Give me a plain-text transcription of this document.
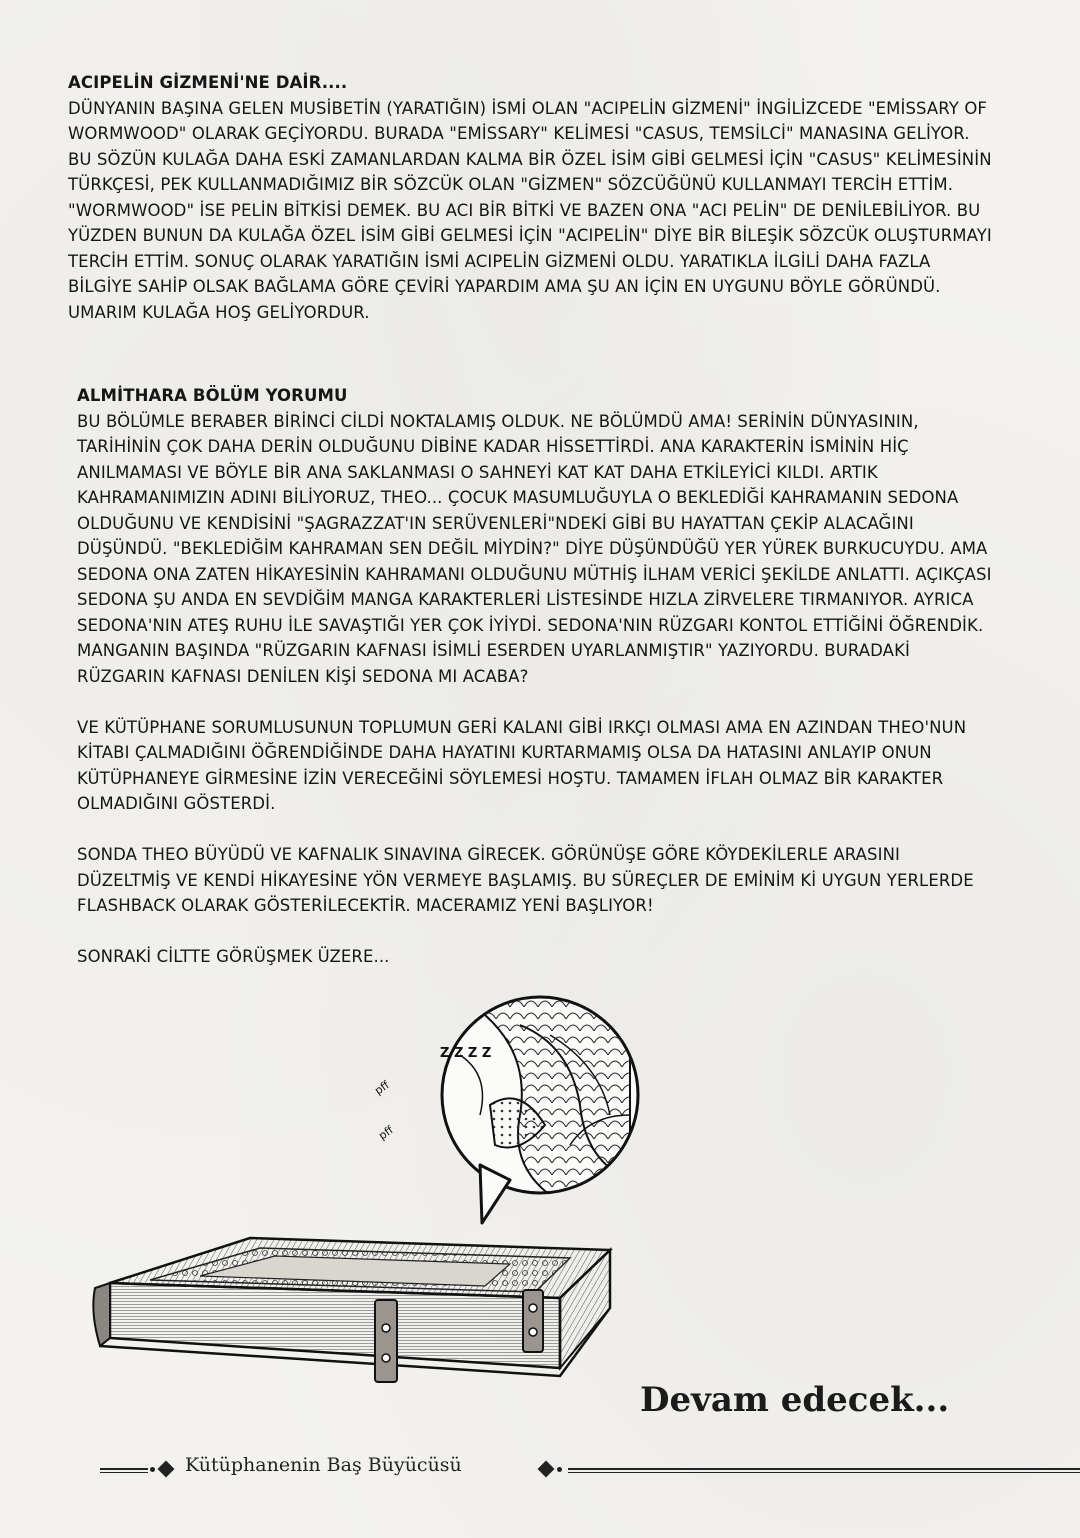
ACIPELİN GİZMENİ'NE DAİR....

DÜNYANIN BAŞINA GELEN MUSİBETİN (YARATIĞIN) İSMİ OLAN "ACIPELİN GİZMENİ" İNGİLİZCEDE "EMİSSARY OF WORMWOOD" OLARAK GEÇİYORDU. BURADA "EMİSSARY" KELİMESİ "CASUS, TEMSİLCİ" MANASINA GELİYOR. BU SÖZÜN KULAĞA DAHA ESKİ ZAMANLARDAN KALMA BİR ÖZEL İSİM GİBİ GELMESİ İÇİN "CASUS" KELİMESİNİN TÜRKÇESİ, PEK KULLANMADIĞIMIZ BİR SÖZCÜK OLAN "GİZMEN" SÖZCÜĞÜNÜ KULLANMAYI TERCİH ETTİM. "WORMWOOD" İSE PELİN BİTKİSİ DEMEK. BU ACI BİR BİTKİ VE BAZEN ONA "ACI PELİN" DE DENİLEBİLİYOR. BU YÜZDEN BUNUN DA KULAĞA ÖZEL İSİM GİBİ GELMESİ İÇİN "ACIPELİN" DİYE BİR BİLEŞİK SÖZCÜK OLUŞTURMAYI TERCİH ETTİM. SONUÇ OLARAK YARATIĞIN İSMİ ACIPELİN GİZMENİ OLDU. YARATIKLA İLGİLİ DAHA FAZLA BİLGİYE SAHİP OLSAK BAĞLAMA GÖRE ÇEVİRİ YAPARDIM AMA ŞU AN İÇİN EN UYGUNU BÖYLE GÖRÜNDÜ. UMARIM KULAĞA HOŞ GELİYORDUR.

ALMİTHARA BÖLÜM YORUMU

BU BÖLÜMLE BERABER BİRİNCİ CİLDİ NOKTALAMIŞ OLDUK. NE BÖLÜMDÜ AMA! SERİNİN DÜNYASININ, TARİHİNİN ÇOK DAHA DERİN OLDUĞUNU DİBİNE KADAR HİSSETTİRDİ. ANA KARAKTERİN İSMİNİN HİÇ ANILMAMASI VE BÖYLE BİR ANA SAKLANMASI O SAHNEYİ KAT KAT DAHA ETKİLEYİCİ KILDI. ARTIK KAHRAMANIMIZIN ADINI BİLİYORUZ, THEO... ÇOCUK MASUMLUĞUYLA O BEKLEDİĞİ KAHRAMANIN SEDONA OLDUĞUNU VE KENDİSİNİ "ŞAGRAZZAT'IN SERÜVENLERİ"NDEKİ GİBİ BU HAYATTAN ÇEKİP ALACAĞINI DÜŞÜNDÜ. "BEKLEDİĞİM KAHRAMAN SEN DEĞİL MİYDİN?" DİYE DÜŞÜNDÜĞÜ YER YÜREK BURKUCUYDU. AMA SEDONA ONA ZATEN HİKAYESİNİN KAHRAMANI OLDUĞUNU MÜTHİŞ İLHAM VERİCİ ŞEKİLDE ANLATTI. AÇIKÇASI SEDONA ŞU ANDA EN SEVDİĞİM MANGA KARAKTERLERİ LİSTESİNDE HIZLA ZİRVELERE TIRMANIYOR. AYRICA SEDONA'NIN ATEŞ RUHU İLE SAVAŞTIĞI YER ÇOK İYİYDİ. SEDONA'NIN RÜZGARI KONTOL ETTİĞİNİ ÖĞRENDİK. MANGANIN BAŞINDA "RÜZGARIN KAFNASI İSİMLİ ESERDEN UYARLANMIŞTIR" YAZIYORDU. BURADAKİ RÜZGARIN KAFNASI DENİLEN KİŞİ SEDONA MI ACABA?

VE KÜTÜPHANE SORUMLUSUNUN TOPLUMUN GERİ KALANI GİBİ IRKÇI OLMASI AMA EN AZINDAN THEO'NUN KİTABI ÇALMADIĞINI ÖĞRENDİĞİNDE DAHA HAYATINI KURTARMAMIŞ OLSA DA HATASINI ANLAYIP ONUN KÜTÜPHANEYE GİRMESİNE İZİN VERECEĞİNİ SÖYLEMESİ HOŞTU. TAMAMEN İFLAH OLMAZ BİR KARAKTER OLMADIĞINI GÖSTERDİ.

SONDA THEO BÜYÜDÜ VE KAFNALIK SINAVINA GİRECEK. GÖRÜNÜŞE GÖRE KÖYDEKİLERLE ARASINI DÜZELTMİŞ VE KENDİ HİKAYESİNE YÖN VERMEYE BAŞLAMIŞ. BU SÜREÇLER DE EMİNİM Kİ UYGUN YERLERDE FLASHBACK OLARAK GÖSTERİLECEKTİR. MACERAMIZ YENİ BAŞLIYOR!

SONRAKİ CİLTTE GÖRÜŞMEK ÜZERE...

Z Z Z Z
pff
pff
Devam edecek...
Kütüphanenin Baş Büyücüsü
